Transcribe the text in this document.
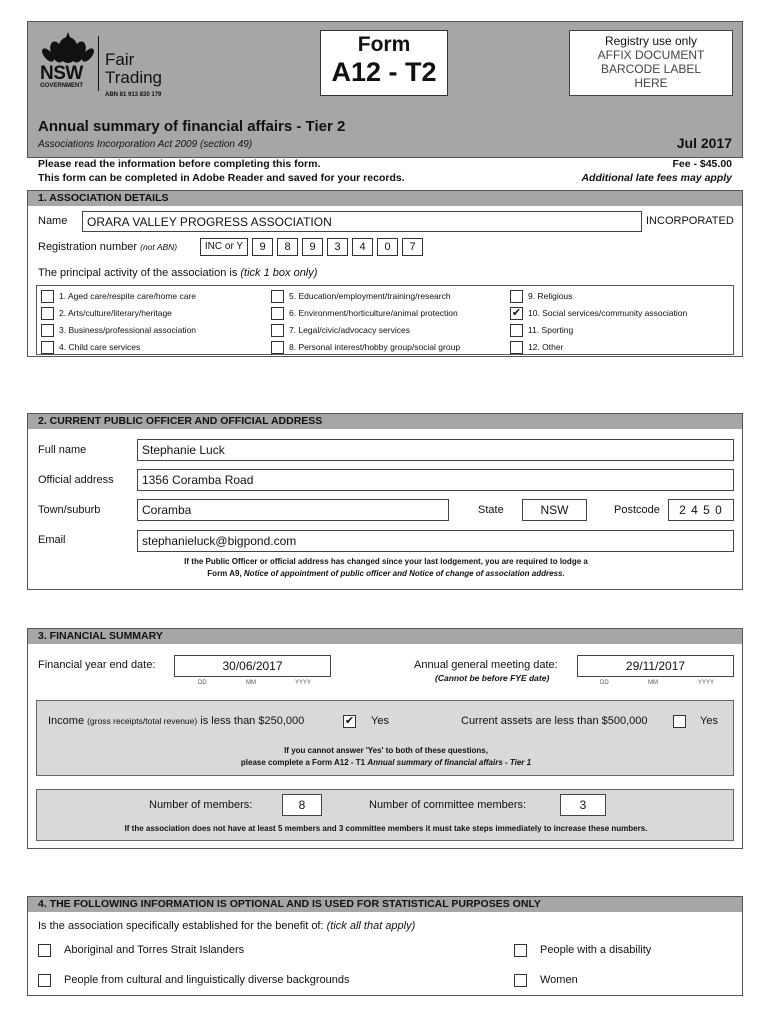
NSW
GOVERNMENT
Fair
Trading
ABN 81 913 830 179
Form
A12 - T2
Registry use only
AFFIX DOCUMENT BARCODE LABEL HERE
Annual summary of financial affairs - Tier 2
Associations Incorporation Act 2009 (section 49)	Jul 2017
Please read the information before completing this form.
This form can be completed in Adobe Reader and saved for your records.
Fee - $45.00
Additional late fees may apply
1. ASSOCIATION DETAILS
Name	ORARA VALLEY PROGRESS ASSOCIATION	INCORPORATED
Registration number (not ABN)	INC or Y	9	8	9	3	4	0	7
The principal activity of the association is (tick 1 box only)
1. Aged care/respite care/home care
2. Arts/culture/literary/heritage
3. Business/professional association
4. Child care services
5. Education/employment/training/research
6. Environment/horticulture/animal protection
7. Legal/civic/advocacy services
8. Personal interest/hobby group/social group
9. Religious
✔ 10. Social services/community association
11. Sporting
12. Other
2. CURRENT PUBLIC OFFICER AND OFFICIAL ADDRESS
Full name	Stephanie Luck
Official address	1356 Coramba Road
Town/suburb	Coramba	State	NSW	Postcode	2 4 5 0
Email	stephanieluck@bigpond.com
If the Public Officer or official address has changed since your last lodgement, you are required to lodge a
Form A9, Notice of appointment of public officer and Notice of change of association address.
3. FINANCIAL SUMMARY
Financial year end date:	30/06/2017
DD	MM	YYYY
Annual general meeting date:
(Cannot be before FYE date)
29/11/2017
DD	MM	YYYY
Income (gross receipts/total revenue) is less than $250,000	✔ Yes	Current assets are less than $500,000	Yes
If you cannot answer 'Yes' to both of these questions,
please complete a Form A12 - T1 Annual summary of financial affairs - Tier 1
Number of members:	8	Number of committee members:	3
If the association does not have at least 5 members and 3 committee members it must take steps immediately to increase these numbers.
4. THE FOLLOWING INFORMATION IS OPTIONAL AND IS USED FOR STATISTICAL PURPOSES ONLY
Is the association specifically established for the benefit of: (tick all that apply)
Aboriginal and Torres Strait Islanders	People with a disability
People from cultural and linguistically diverse backgrounds	Women
